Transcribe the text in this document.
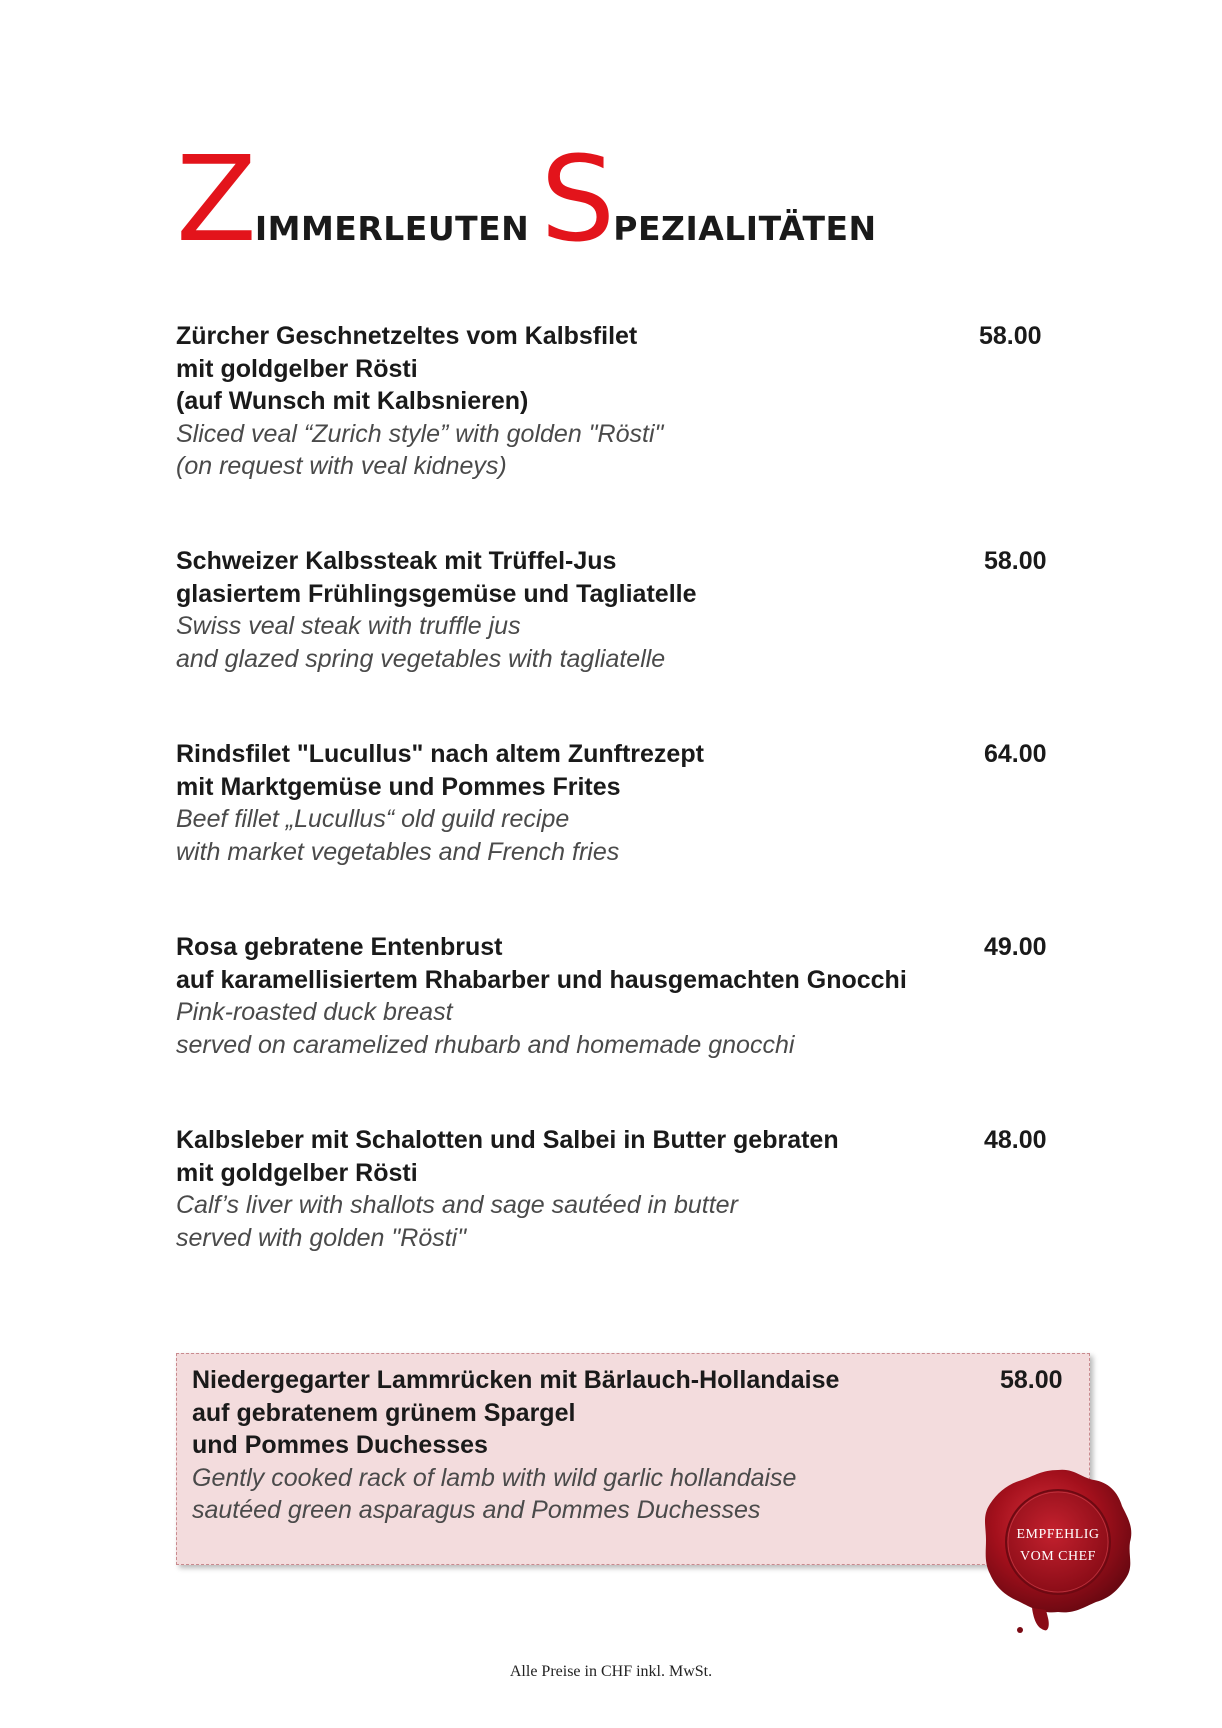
ZIMMERLEUTEN SPEZIALITÄTEN
Zürcher Geschnetzeltes vom Kalbsfilet
mit goldgelber Rösti
(auf Wunsch mit Kalbsnieren)
Sliced veal “Zurich style” with golden "Rösti"
(on request with veal kidneys)
58.00
Schweizer Kalbssteak mit Trüffel-Jus
glasiertem Frühlingsgemüse und Tagliatelle
Swiss veal steak with truffle jus
and glazed spring vegetables with tagliatelle
58.00
Rindsfilet "Lucullus" nach altem Zunftrezept
mit Marktgemüse und Pommes Frites
Beef fillet „Lucullus“ old guild recipe
with market vegetables and French fries
64.00
Rosa gebratene Entenbrust
auf karamellisiertem Rhabarber und hausgemachten Gnocchi
Pink-roasted duck breast
served on caramelized rhubarb and homemade gnocchi
49.00
Kalbsleber mit Schalotten und Salbei in Butter gebraten
mit goldgelber Rösti
Calf’s liver with shallots and sage sautéed in butter
served with golden "Rösti"
48.00
Niedergegarter Lammrücken mit Bärlauch-Hollandaise
auf gebratenem grünem Spargel
und Pommes Duchesses
Gently cooked rack of lamb with wild garlic hollandaise
sautéed green asparagus and Pommes Duchesses
58.00
EMPFEHLIG
VOM CHEF
Alle Preise in CHF inkl. MwSt.
